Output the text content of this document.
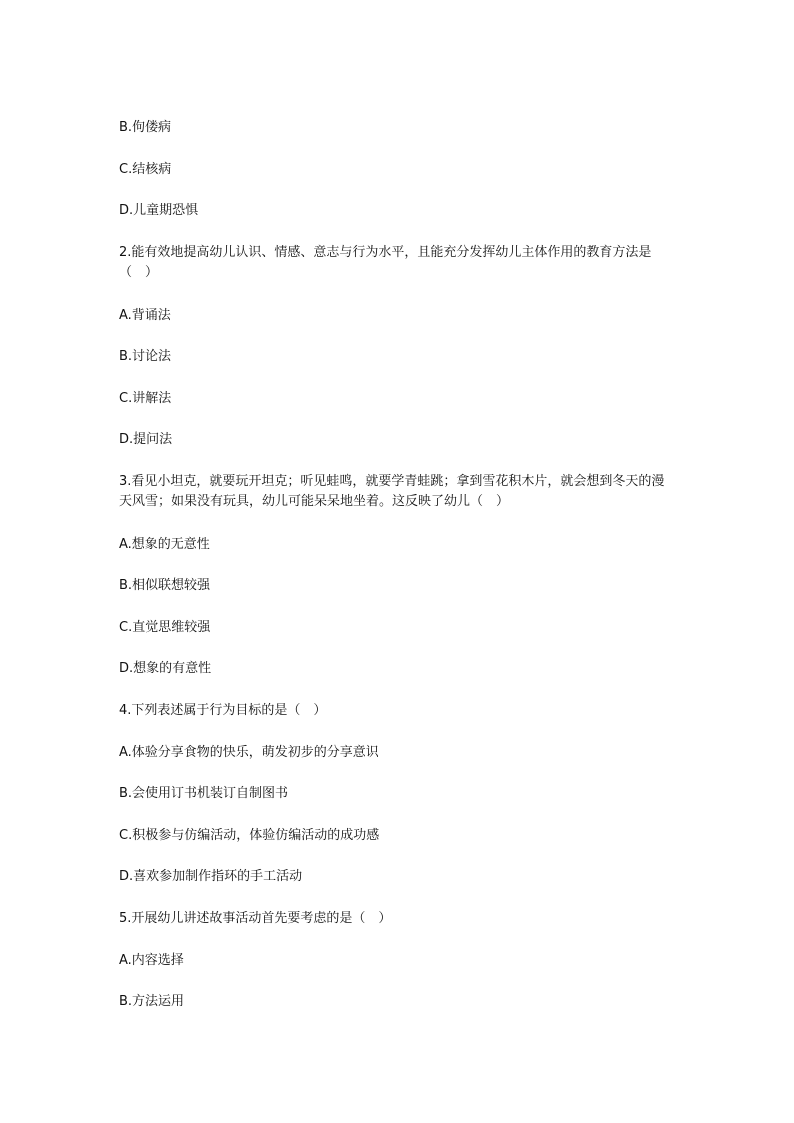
B.佝偻病
C.结核病
D.儿童期恐惧
2.能有效地提高幼儿认识、情感、意志与行为水平，且能充分发挥幼儿主体作用的教育方法是（　）
A.背诵法
B.讨论法
C.讲解法
D.提问法
3.看见小坦克，就要玩开坦克；听见蛙鸣，就要学青蛙跳；拿到雪花积木片，就会想到冬天的漫天风雪；如果没有玩具，幼儿可能呆呆地坐着。这反映了幼儿（　）
A.想象的无意性
B.相似联想较强
C.直觉思维较强
D.想象的有意性
4.下列表述属于行为目标的是（　）
A.体验分享食物的快乐，萌发初步的分享意识
B.会使用订书机装订自制图书
C.积极参与仿编活动，体验仿编活动的成功感
D.喜欢参加制作指环的手工活动
5.开展幼儿讲述故事活动首先要考虑的是（　）
A.内容选择
B.方法运用
